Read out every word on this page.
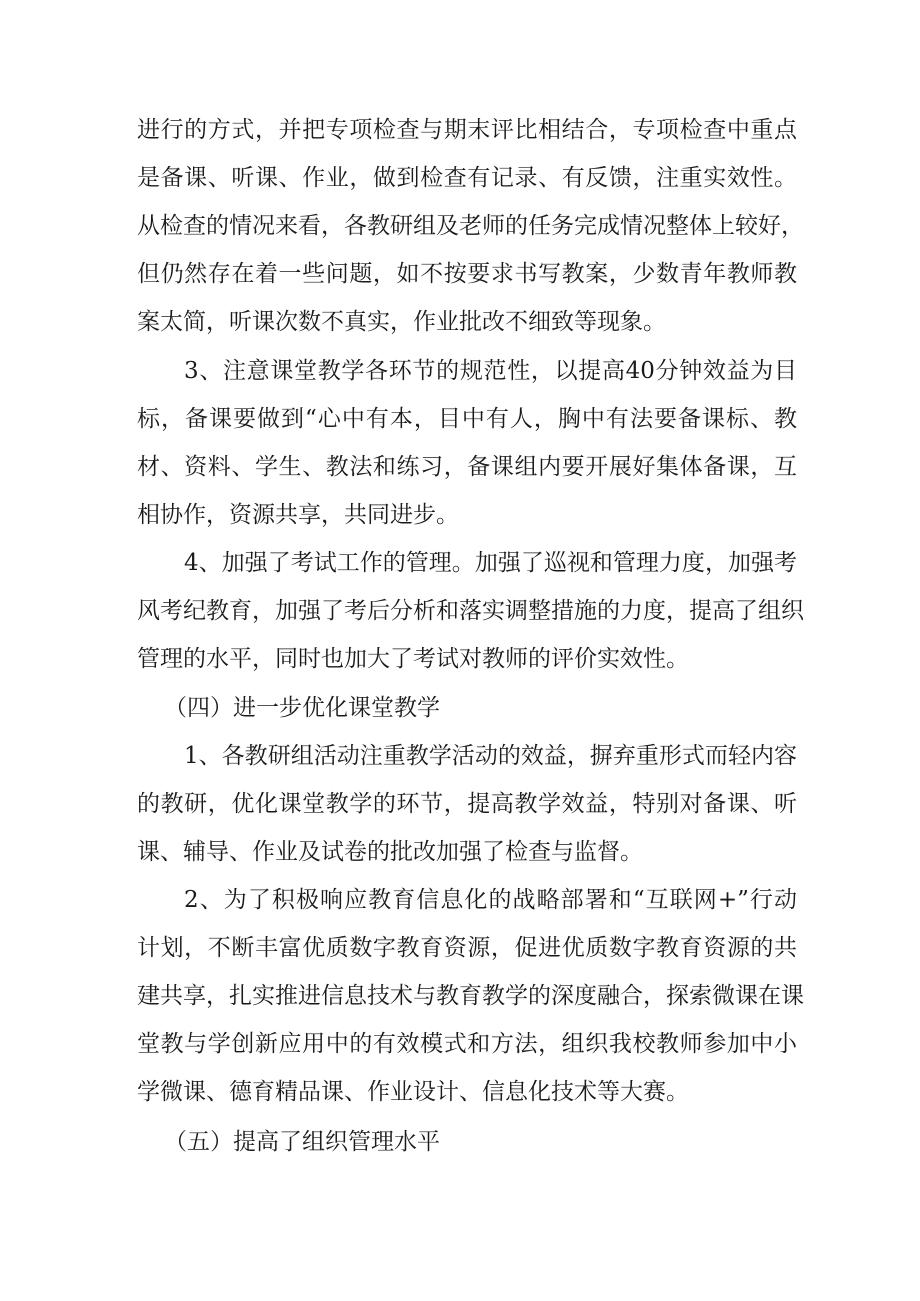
进行的方式，并把专项检查与期末评比相结合，专项检查中重点
是备课、听课、作业，做到检查有记录、有反馈，注重实效性。
从检查的情况来看，各教研组及老师的任务完成情况整体上较好，
但仍然存在着一些问题，如不按要求书写教案，少数青年教师教
案太简，听课次数不真实，作业批改不细致等现象。
3、注意课堂教学各环节的规范性，以提高40分钟效益为目
标，备课要做到“心中有本，目中有人，胸中有法要备课标、教
材、资料、学生、教法和练习，备课组内要开展好集体备课，互
相协作，资源共享，共同进步。
4、加强了考试工作的管理。加强了巡视和管理力度，加强考
风考纪教育，加强了考后分析和落实调整措施的力度，提高了组织
管理的水平，同时也加大了考试对教师的评价实效性。
（四）进一步优化课堂教学
1、各教研组活动注重教学活动的效益，摒弃重形式而轻内容
的教研，优化课堂教学的环节，提高教学效益，特别对备课、听
课、辅导、作业及试卷的批改加强了检查与监督。
2、为了积极响应教育信息化的战略部署和“互联网+”行动
计划，不断丰富优质数字教育资源，促进优质数字教育资源的共
建共享，扎实推进信息技术与教育教学的深度融合，探索微课在课
堂教与学创新应用中的有效模式和方法，组织我校教师参加中小
学微课、德育精品课、作业设计、信息化技术等大赛。
（五）提高了组织管理水平
